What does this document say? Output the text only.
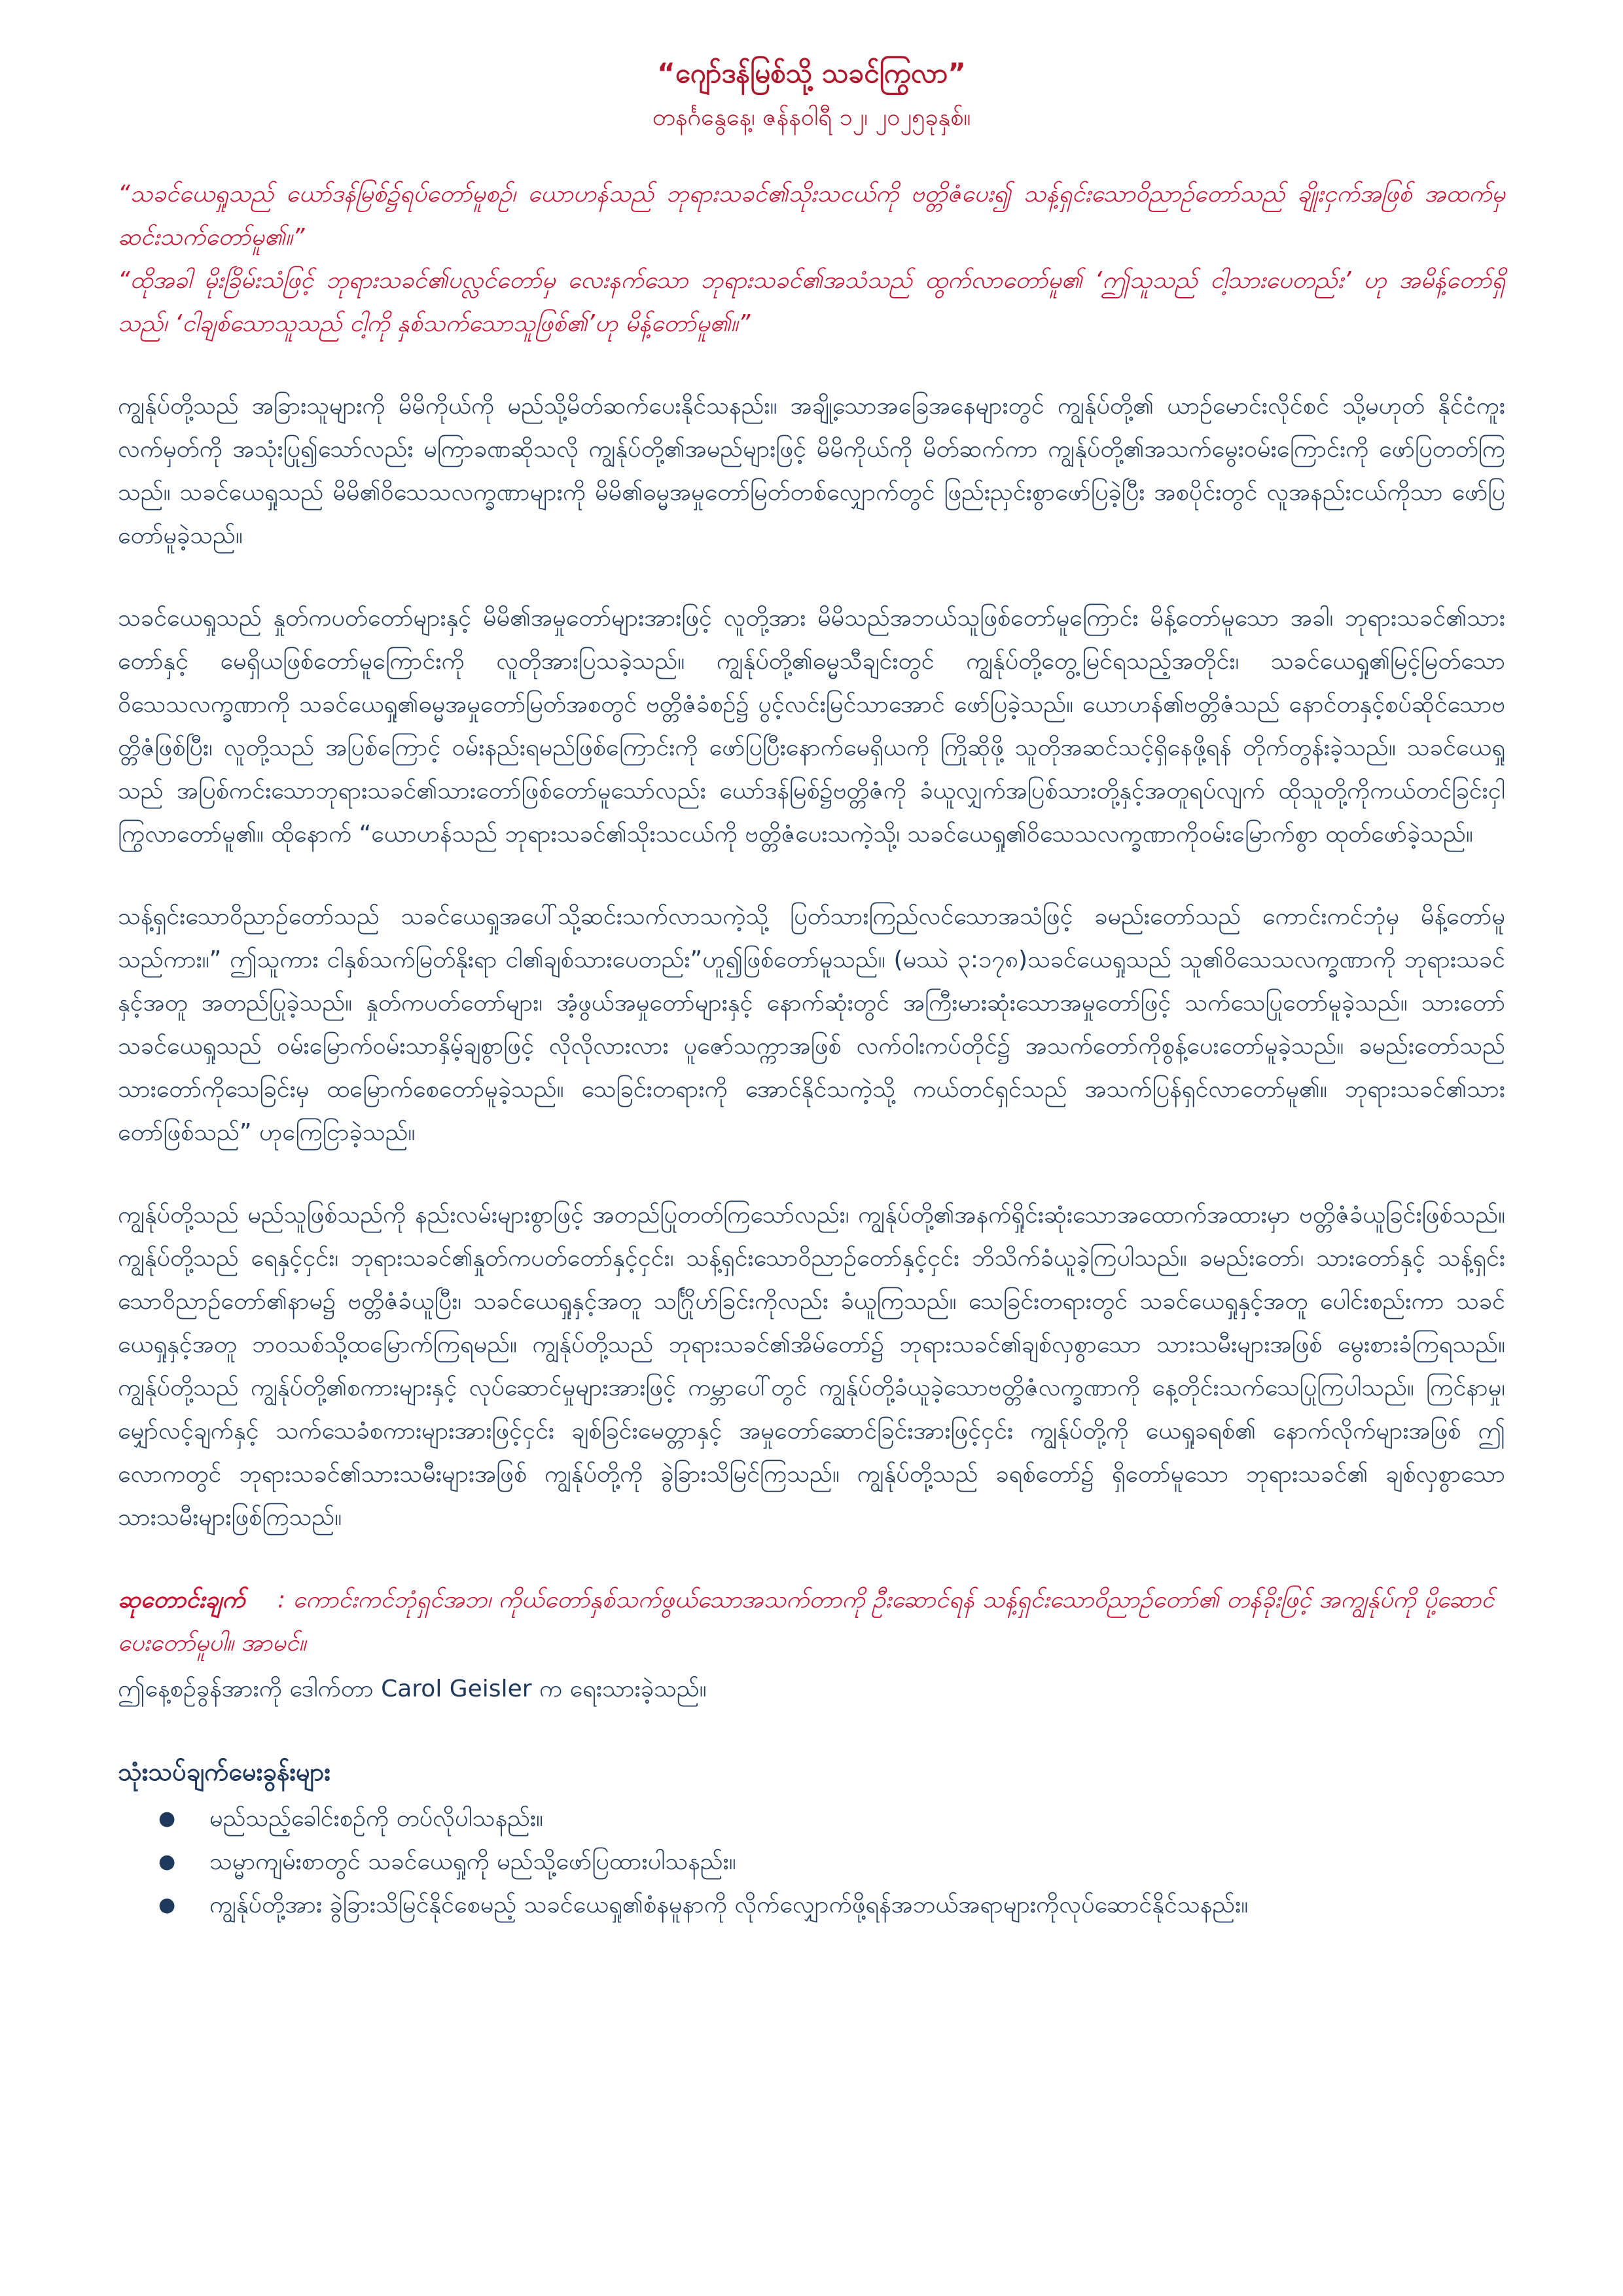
“ဂျော်ဒန်မြစ်သို့ သခင်ကြွလာ”

တနင်္ဂနွေနေ့၊ ဇန်နဝါရီ ၁၂၊ ၂၀၂၅ခုနှစ်။

“သခင်ယေရှုသည် ယော်ဒန်မြစ်၌ရပ်တော်မူစဉ်၊ ယောဟန်သည် ဘုရားသခင်၏သိုးသငယ်ကို ဗတ္တိဇံပေး၍ သန့်ရှင်းသောဝိညာဉ်တော်သည် ချိုးငှက်အဖြစ် အထက်မှဆင်းသက်တော်မူ၏။”

“ထိုအခါ မိုးခြိမ်းသံဖြင့် ဘုရားသခင်၏ပလ္လင်တော်မှ လေးနက်သော ဘုရားသခင်၏အသံသည် ထွက်လာတော်မူ၏ ‘ဤသူသည် ငါ့သားပေတည်း’ ဟု အမိန့်တော်ရှိသည်၊ ‘ငါချစ်သောသူသည် ငါ့ကို နှစ်သက်သောသူဖြစ်၏’ဟု မိန့်တော်မူ၏။”

ကျွန်ုပ်တို့သည် အခြားသူများကို မိမိကိုယ်ကို မည်သို့မိတ်ဆက်ပေးနိုင်သနည်း။ အချို့သောအခြေအနေများတွင် ကျွန်ုပ်တို့၏ ယာဉ်မောင်းလိုင်စင် သို့မဟုတ် နိုင်ငံကူးလက်မှတ်ကို အသုံးပြု၍သော်လည်း မကြာခဏဆိုသလို ကျွန်ုပ်တို့၏အမည်များဖြင့် မိမိကိုယ်ကို မိတ်ဆက်ကာ ကျွန်ုပ်တို့၏အသက်မွေးဝမ်းကြောင်းကို ဖော်ပြတတ်ကြသည်။ သခင်ယေရှုသည် မိမိ၏ဝိသေသလက္ခဏာများကို မိမိ၏ဓမ္မအမှုတော်မြတ်တစ်လျှောက်တွင် ဖြည်းညှင်းစွာဖော်ပြခဲ့ပြီး အစပိုင်းတွင် လူအနည်းငယ်ကိုသာ ဖော်ပြတော်မူခဲ့သည်။

သခင်ယေရှုသည် နှုတ်ကပတ်တော်များနှင့် မိမိ၏အမှုတော်များအားဖြင့် လူတို့အား မိမိသည်အဘယ်သူဖြစ်တော်မူကြောင်း မိန့်တော်မူသော အခါ၊ ဘုရားသခင်၏သားတော်နှင့် မေရှိယဖြစ်တော်မူကြောင်းကို လူတိုအားပြသခဲ့သည်။ ကျွန်ုပ်တို့၏ဓမ္မသီချင်းတွင် ကျွန်ုပ်တို့တွေ့မြင်ရသည့်အတိုင်း၊ သခင်ယေရှု၏မြင့်မြတ်သောဝိသေသလက္ခဏာကို သခင်ယေရှု၏ဓမ္မအမှုတော်မြတ်အစတွင် ဗတ္တိဇံခံစဉ်၌ ပွင့်လင်းမြင်သာအောင် ဖော်ပြခဲ့သည်။ ယောဟန်၏ဗတ္တိဇံသည် နောင်တနှင့်စပ်ဆိုင်သောဗတ္တိဇံဖြစ်ပြီး၊ လူတို့သည် အပြစ်ကြောင့် ဝမ်းနည်းရမည်ဖြစ်ကြောင်းကို ဖော်ပြပြီးနောက်မေရှိယကို ကြိုဆိုဖို့ သူတိုအဆင်သင့်ရှိနေဖို့ရန် တိုက်တွန်းခဲ့သည်။ သခင်ယေရှုသည် အပြစ်ကင်းသောဘုရားသခင်၏သားတော်ဖြစ်တော်မူသော်လည်း ယော်ဒန်မြစ်၌ဗတ္တိဇံကို ခံယူလျှက်အပြစ်သားတို့နှင့်အတူရပ်လျက် ထိုသူတို့ကိုကယ်တင်ခြင်းငှါ ကြွလာတော်မူ၏။ ထိုနောက် “ယောဟန်သည် ဘုရားသခင်၏သိုးသငယ်ကို ဗတ္တိဇံပေးသကဲ့သို့၊ သခင်ယေရှု၏ဝိသေသလက္ခဏာကိုဝမ်းမြောက်စွာ ထုတ်ဖော်ခဲ့သည်။

သန့်ရှင်းသောဝိညာဉ်တော်သည် သခင်ယေရှုအပေါ်သို့ဆင်းသက်လာသကဲ့သို့ ပြတ်သားကြည်လင်သောအသံဖြင့် ခမည်းတော်သည် ကောင်းကင်ဘုံမှ မိန့်တော်မူသည်ကား။” ဤသူကား ငါနှစ်သက်မြတ်နိုးရာ ငါ၏ချစ်သားပေတည်း”ဟူ၍ဖြစ်တော်မူသည်။ (မဿဲ ၃:၁၇၈)သခင်ယေရှုသည် သူ၏ဝိသေသလက္ခဏာကို ဘုရားသခင်နှင့်အတူ အတည်ပြုခဲ့သည်။ နှုတ်ကပတ်တော်များ၊ အံ့ဖွယ်အမှုတော်များနှင့် နောက်ဆုံးတွင် အကြီးမားဆုံးသောအမှုတော်ဖြင့် သက်သေပြုတော်မူခဲ့သည်။ သားတော်သခင်ယေရှုသည် ဝမ်းမြောက်ဝမ်းသာနှိမ့်ချစွာဖြင့် လိုလိုလားလား ပူဇော်သက္ကာအဖြစ် လက်ဝါးကပ်တိုင်၌ အသက်တော်ကိုစွန့်ပေးတော်မူခဲ့သည်။ ခမည်းတော်သည် သားတော်ကိုသေခြင်းမှ ထမြောက်စေတော်မူခဲ့သည်။ သေခြင်းတရားကို အောင်နိုင်သကဲ့သို့ ကယ်တင်ရှင်သည် အသက်ပြန်ရှင်လာတော်မူ၏။ ဘုရားသခင်၏သားတော်ဖြစ်သည်” ဟုကြေငြာခဲ့သည်။

ကျွန်ုပ်တို့သည် မည်သူဖြစ်သည်ကို နည်းလမ်းများစွာဖြင့် အတည်ပြုတတ်ကြသော်လည်း၊ ကျွန်ုပ်တို့၏အနက်ရှိုင်းဆုံးသောအထောက်အထားမှာ ဗတ္တိဇံခံယူခြင်းဖြစ်သည်။ ကျွန်ုပ်တို့သည် ရေနှင့်ငှင်း၊ ဘုရားသခင်၏နှုတ်ကပတ်တော်နှင့်ငှင်း၊ သန့်ရှင်းသောဝိညာဉ်တော်နှင့်ငှင်း ဘိသိက်ခံယူခဲ့ကြပါသည်။ ခမည်းတော်၊ သားတော်နှင့် သန့်ရှင်းသောဝိညာဉ်တော်၏နာမ၌ ဗတ္တိဇံခံယူပြီး၊ သခင်ယေရှုနှင့်အတူ သင်္ဂြိုဟ်ခြင်းကိုလည်း ခံယူကြသည်။ သေခြင်းတရားတွင် သခင်ယေရှုနှင့်အတူ ပေါင်းစည်းကာ သခင်ယေရှုနှင့်အတူ ဘဝသစ်သို့ထမြောက်ကြရမည်။ ကျွန်ုပ်တို့သည် ဘုရားသခင်၏အိမ်တော်၌ ဘုရားသခင်၏ချစ်လှစွာသော သားသမီးများအဖြစ် မွေးစားခံကြရသည်။ ကျွန်ုပ်တို့သည် ကျွန်ုပ်တို့၏စကားများနှင့် လုပ်ဆောင်မှုများအားဖြင့် ကမ္ဘာပေါ်တွင် ကျွန်ုပ်တို့ခံယူခဲ့သောဗတ္တိဇံလက္ခဏာကို နေ့တိုင်းသက်သေပြုကြပါသည်။ ကြင်နာမှု၊ မျှော်လင့်ချက်နှင့် သက်သေခံစကားများအားဖြင့်ငှင်း ချစ်ခြင်းမေတ္တာနှင့် အမှုတော်ဆောင်ခြင်းအားဖြင့်ငှင်း ကျွန်ုပ်တို့ကို ယေရှုခရစ်၏ နောက်လိုက်များအဖြစ် ဤလောကတွင် ဘုရားသခင်၏သားသမီးများအဖြစ် ကျွန်ုပ်တို့ကို ခွဲခြားသိမြင်ကြသည်။ ကျွန်ုပ်တို့သည် ခရစ်တော်၌ ရှိတော်မူသော ဘုရားသခင်၏ ချစ်လှစွာသော သားသမီးများဖြစ်ကြသည်။

ဆုတောင်းချက် : ကောင်းကင်ဘုံရှင်အဘ၊ ကိုယ်တော်နှစ်သက်ဖွယ်သောအသက်တာကို ဦးဆောင်ရန် သန့်ရှင်းသောဝိညာဉ်တော်၏ တန်ခိုးဖြင့် အကျွန်ုပ်ကို ပို့ဆောင်ပေးတော်မူပါ။ အာမင်။

ဤနေ့စဉ်ခွန်အားကို ဒေါက်တာ Carol Geisler က ရေးသားခဲ့သည်။

သုံးသပ်ချက်မေးခွန်းများ
● မည်သည့်ခေါင်းစဉ်ကို တပ်လိုပါသနည်း။
● သမ္မာကျမ်းစာတွင် သခင်ယေရှုကို မည်သို့ဖော်ပြထားပါသနည်း။
● ကျွန်ုပ်တို့အား ခွဲခြားသိမြင်နိုင်စေမည့် သခင်ယေရှု၏စံနမူနာကို လိုက်လျှောက်ဖို့ရန်အဘယ်အရာများကိုလုပ်ဆောင်နိုင်သနည်း။
